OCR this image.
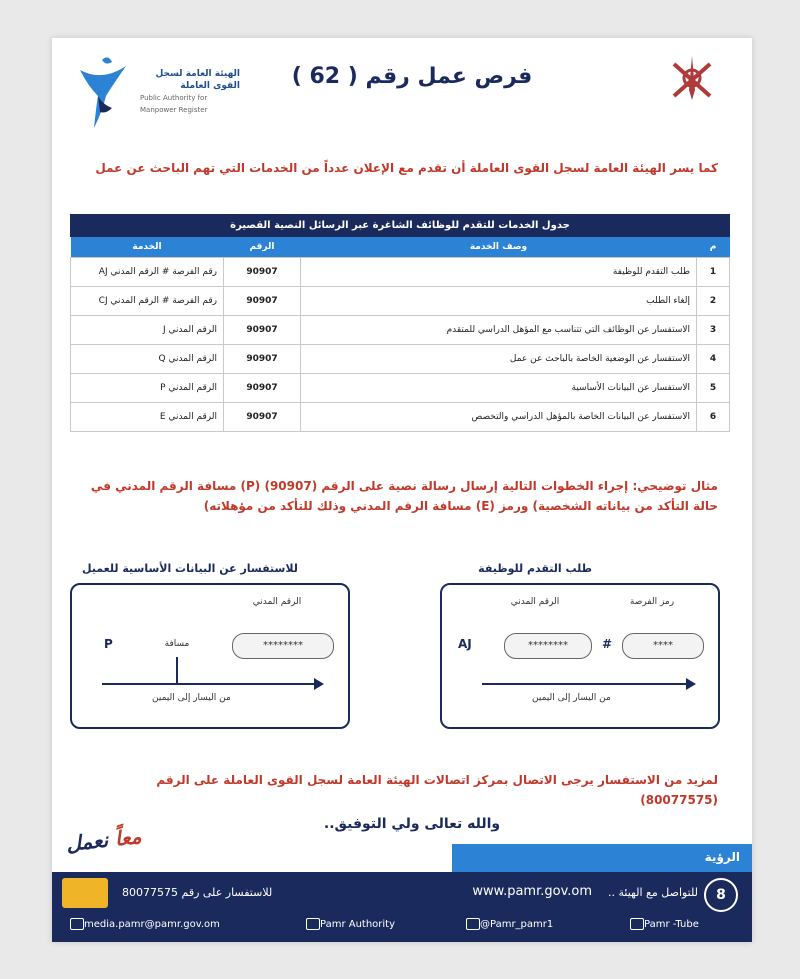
الهيئة العامة لسجل القوى العاملة
Public Authority for Manpower Register
فرص عمل رقم ( 62 )
كما يسر الهيئة العامة لسجل القوى العاملة أن تقدم مع الإعلان عدداً من الخدمات التي تهم الباحث عن عمل
جدول الخدمات للتقدم للوظائف الشاغرة عبر الرسائل النصية القصيرة
م	وصف الخدمة	الرقم	الخدمة
1	طلب التقدم للوظيفة	90907	رقم الفرصة # الرقم المدني AJ
2	إلغاء الطلب	90907	رقم الفرصة # الرقم المدني CJ
3	الاستفسار عن الوظائف التي تتناسب مع المؤهل الدراسي للمتقدم	90907	الرقم المدني J
4	الاستفسار عن الوضعية الخاصة بالباحث عن عمل	90907	الرقم المدني Q
5	الاستفسار عن البيانات الأساسية	90907	الرقم المدني P
6	الاستفسار عن البيانات الخاصة بالمؤهل الدراسي والتخصص	90907	الرقم المدني E
مثال توضيحي: إجراء الخطوات التالية إرسال رسالة نصية على الرقم (90907) (P) مسافة الرقم المدني في حالة التأكد من بياناته الشخصية) ورمز (E) مسافة الرقم المدني وذلك للتأكد من مؤهلاته)
طلب التقدم للوظيفة
رمز الفرصة
الرقم المدني
****
#
********
AJ
من اليسار إلى اليمين
للاستفسار عن البيانات الأساسية للعميل
الرقم المدني
********
مسافة
P
من اليسار إلى اليمين
لمزيد من الاستفسار يرجى الاتصال بمركز اتصالات الهيئة العامة لسجل القوى العاملة على الرقم (80077575)
والله تعالى ولي التوفيق..
معاً نعمل
الرؤية
8
للتواصل مع الهيئة ..
www.pamr.gov.om
للاستفسار على رقم 80077575
media.pamr@pamr.gov.om	Pamr Authority	@Pamr_pamr1	Pamr -Tube
